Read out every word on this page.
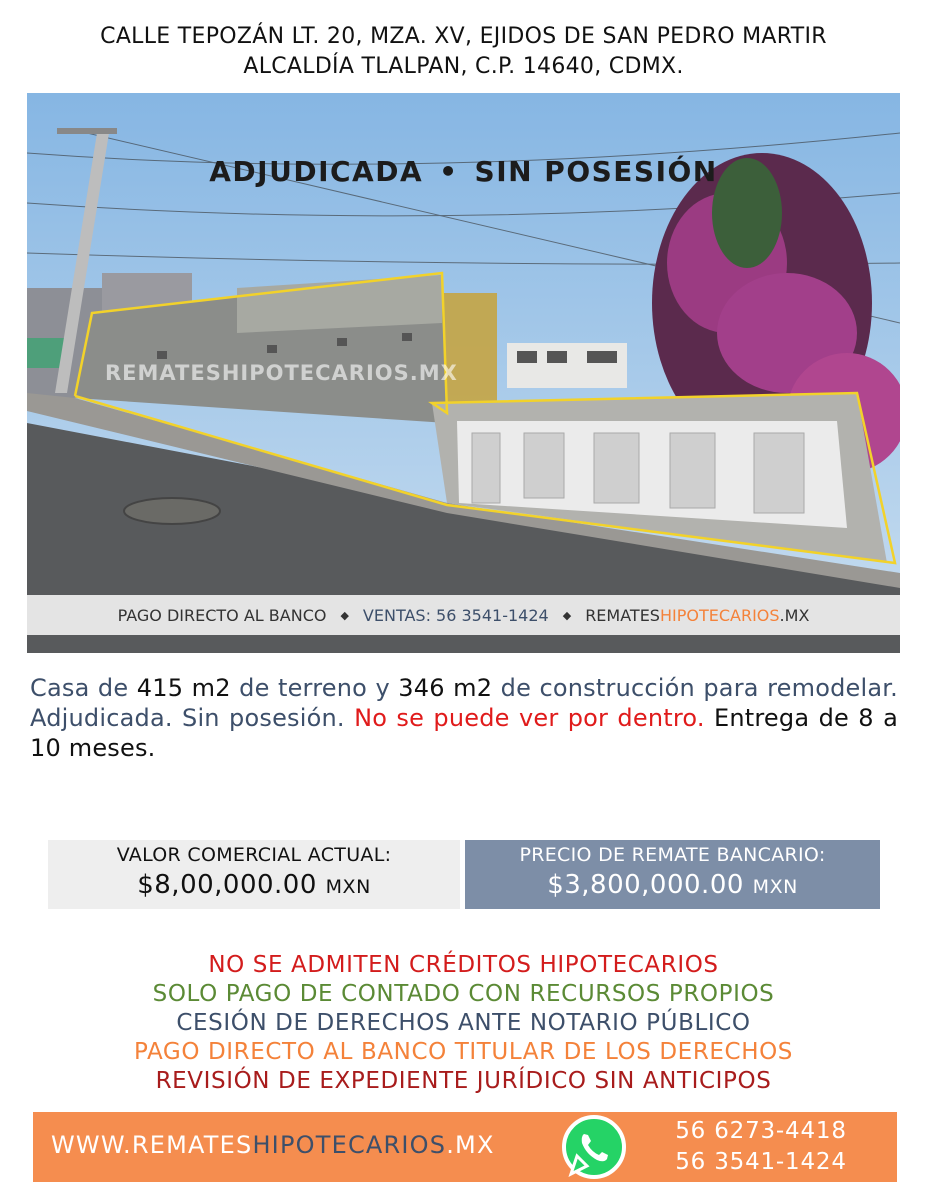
CALLE TEPOZÁN LT. 20, MZA. XV, EJIDOS DE SAN PEDRO MARTIR
ALCALDÍA TLALPAN, C.P. 14640, CDMX.
ADJUDICADA • SIN POSESIÓN
REMATESHIPOTECARIOS.MX
PAGO DIRECTO AL BANCO ◆ VENTAS: 56 3541-1424 ◆ REMATESHIPOTECARIOS.MX
Casa de 415 m2 de terreno y 346 m2 de construcción para remodelar. Adjudicada. Sin posesión. No se puede ver por dentro. Entrega de 8 a 10 meses.
VALOR COMERCIAL ACTUAL:
$8,00,000.00 MXN
PRECIO DE REMATE BANCARIO:
$3,800,000.00 MXN
NO SE ADMITEN CRÉDITOS HIPOTECARIOS
SOLO PAGO DE CONTADO CON RECURSOS PROPIOS
CESIÓN DE DERECHOS ANTE NOTARIO PÚBLICO
PAGO DIRECTO AL BANCO TITULAR DE LOS DERECHOS
REVISIÓN DE EXPEDIENTE JURÍDICO SIN ANTICIPOS
WWW.REMATESHIPOTECARIOS.MX	56 6273-4418
56 3541-1424
